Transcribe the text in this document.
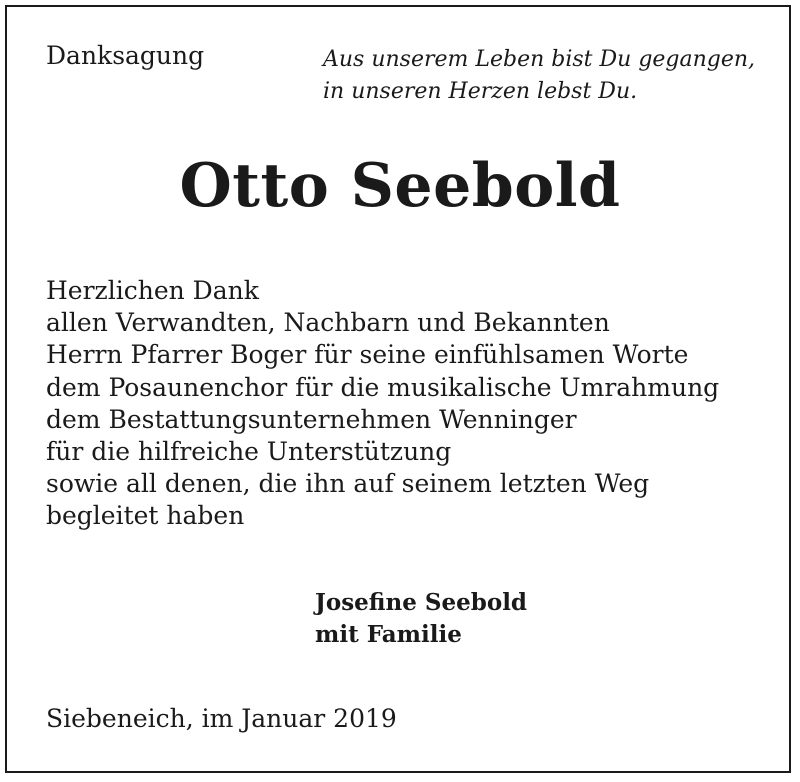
Danksagung	Aus unserem Leben bist Du gegangen,
in unseren Herzen lebst Du.

Otto Seebold
Herzlichen Dank
allen Verwandten, Nachbarn und Bekannten
Herrn Pfarrer Boger für seine einfühlsamen Worte
dem Posaunenchor für die musikalische Umrahmung
dem Bestattungsunternehmen Wenninger
für die hilfreiche Unterstützung
sowie all denen, die ihn auf seinem letzten Weg
begleitet haben

Josefine Seebold
mit Familie

Siebeneich, im Januar 2019
